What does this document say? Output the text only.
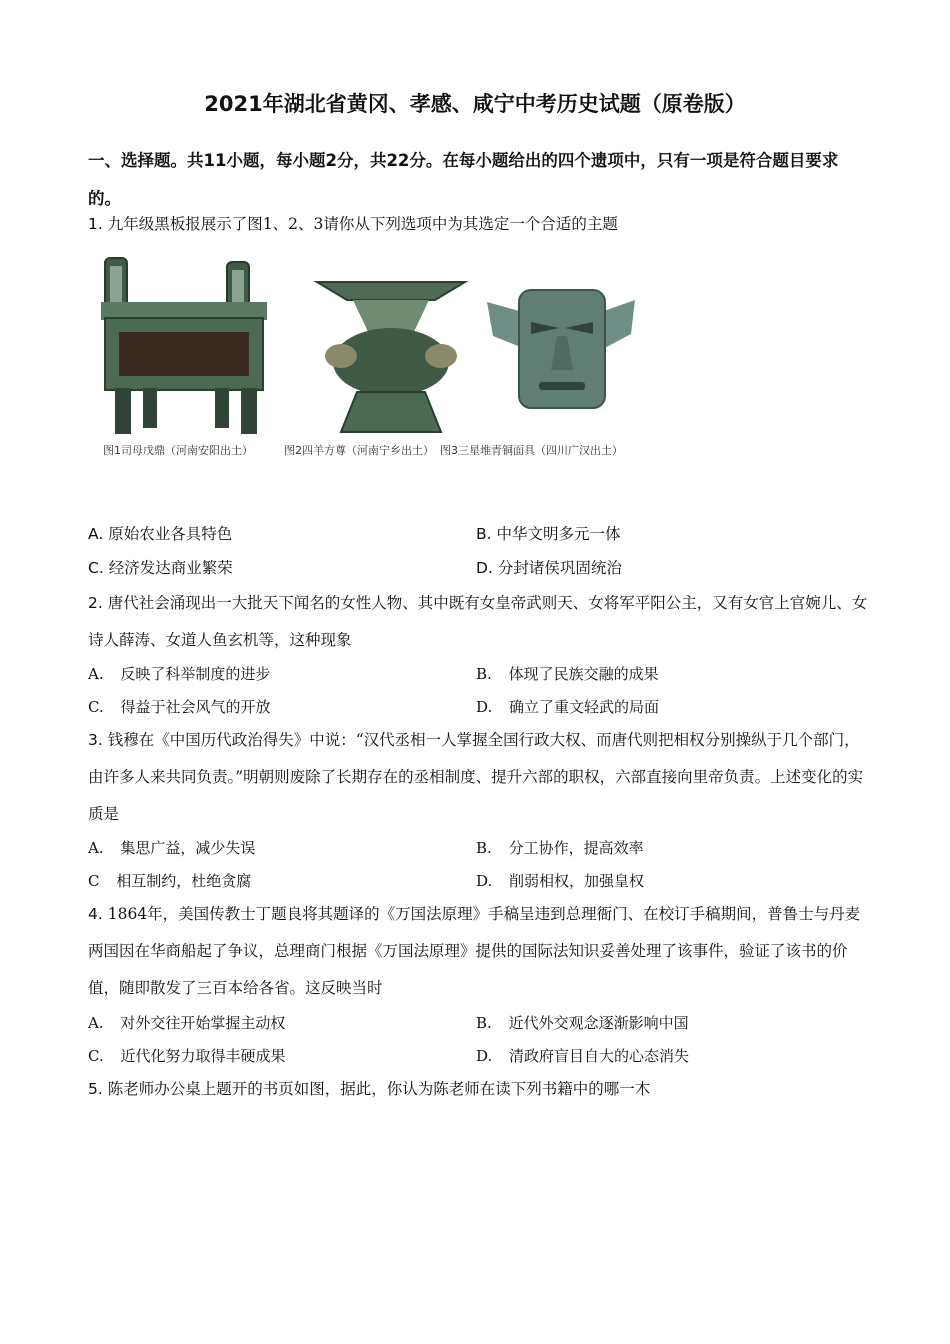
2021年湖北省黄冈、孝感、咸宁中考历史试题（原卷版）
一、选择题。共11小题，每小题2分，共22分。在每小题给出的四个遗项中，只有一项是符合题目要求的。
1. 九年级黑板报展示了图1、2、3请你从下列选项中为其选定一个合适的主题
图1司母戊鼎（河南安阳出土）	图2四羊方尊（河南宁乡出土） 图3三星堆青铜面具（四川广汉出土）
A. 原始农业各具特色	B. 中华文明多元一体
C. 经济发达商业繁荣	D. 分封诸侯巩固统治
2. 唐代社会涌现出一大批天下闻名的女性人物、其中既有女皇帝武则天、女将军平阳公主，又有女官上官婉儿、女诗人薛涛、女道人鱼玄机等，这种现象
A. 反映了科举制度的进步	B. 体现了民族交融的成果
C. 得益于社会风气的开放	D. 确立了重文轻武的局面
3. 钱穆在《中国历代政治得失》中说：“汉代丞相一人掌握全国行政大权、而唐代则把相权分别操纵于几个部门，由许多人来共同负责。”明朝则废除了长期存在的丞相制度、提升六部的职权，六部直接向里帝负责。上述变化的实质是
A. 集思广益，减少失误	B. 分工协作，提高效率
C 相互制约，杜绝贪腐	D. 削弱相权，加强皇权
4. 1864年，美国传教士丁题良将其题译的《万国法原理》手稿呈违到总理衙门、在校订手稿期间，普鲁士与丹麦两国因在华商船起了争议，总理商门根据《万国法原理》提供的国际法知识妥善处理了该事件，验证了该书的价值，随即散发了三百本给各省。这反映当时
A. 对外交往开始掌握主动权	B. 近代外交观念逐渐影响中国
C. 近代化努力取得丰硬成果	D. 清政府盲目自大的心态消失
5. 陈老师办公桌上题开的书页如图，据此，你认为陈老师在读下列书籍中的哪一木
